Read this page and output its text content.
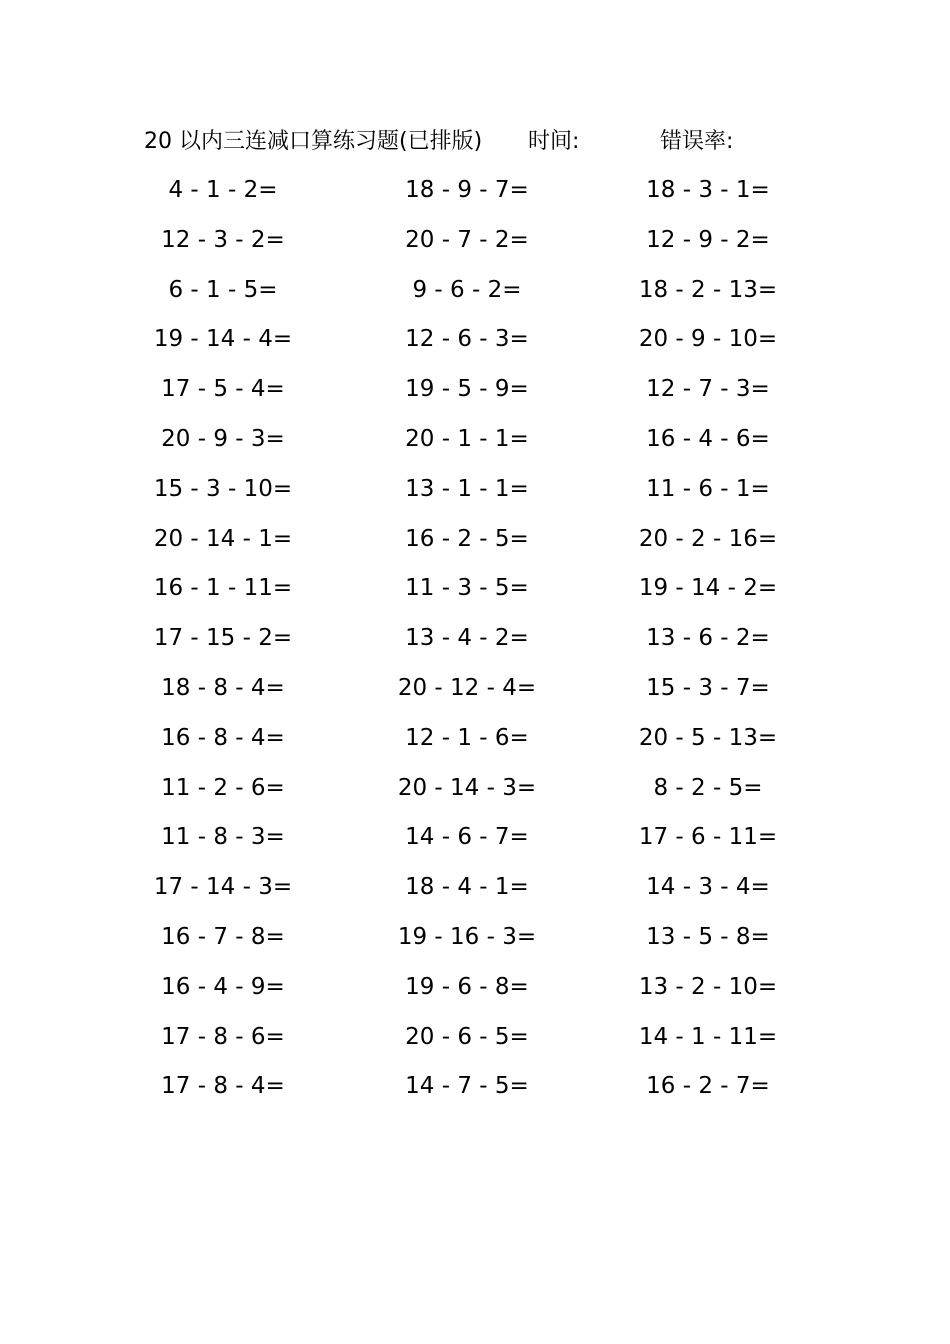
20 以内三连减口算练习题(已排版) 时间:	错误率:
4 - 1 - 2=	18 - 9 - 7=	18 - 3 - 1=
12 - 3 - 2=	20 - 7 - 2=	12 - 9 - 2=
6 - 1 - 5=	9 - 6 - 2=	18 - 2 - 13=
19 - 14 - 4=	12 - 6 - 3=	20 - 9 - 10=
17 - 5 - 4=	19 - 5 - 9=	12 - 7 - 3=
20 - 9 - 3=	20 - 1 - 1=	16 - 4 - 6=
15 - 3 - 10=	13 - 1 - 1=	11 - 6 - 1=
20 - 14 - 1=	16 - 2 - 5=	20 - 2 - 16=
16 - 1 - 11=	11 - 3 - 5=	19 - 14 - 2=
17 - 15 - 2=	13 - 4 - 2=	13 - 6 - 2=
18 - 8 - 4=	20 - 12 - 4=	15 - 3 - 7=
16 - 8 - 4=	12 - 1 - 6=	20 - 5 - 13=
11 - 2 - 6=	20 - 14 - 3=	8 - 2 - 5=
11 - 8 - 3=	14 - 6 - 7=	17 - 6 - 11=
17 - 14 - 3=	18 - 4 - 1=	14 - 3 - 4=
16 - 7 - 8=	19 - 16 - 3=	13 - 5 - 8=
16 - 4 - 9=	19 - 6 - 8=	13 - 2 - 10=
17 - 8 - 6=	20 - 6 - 5=	14 - 1 - 11=
17 - 8 - 4=	14 - 7 - 5=	16 - 2 - 7=
